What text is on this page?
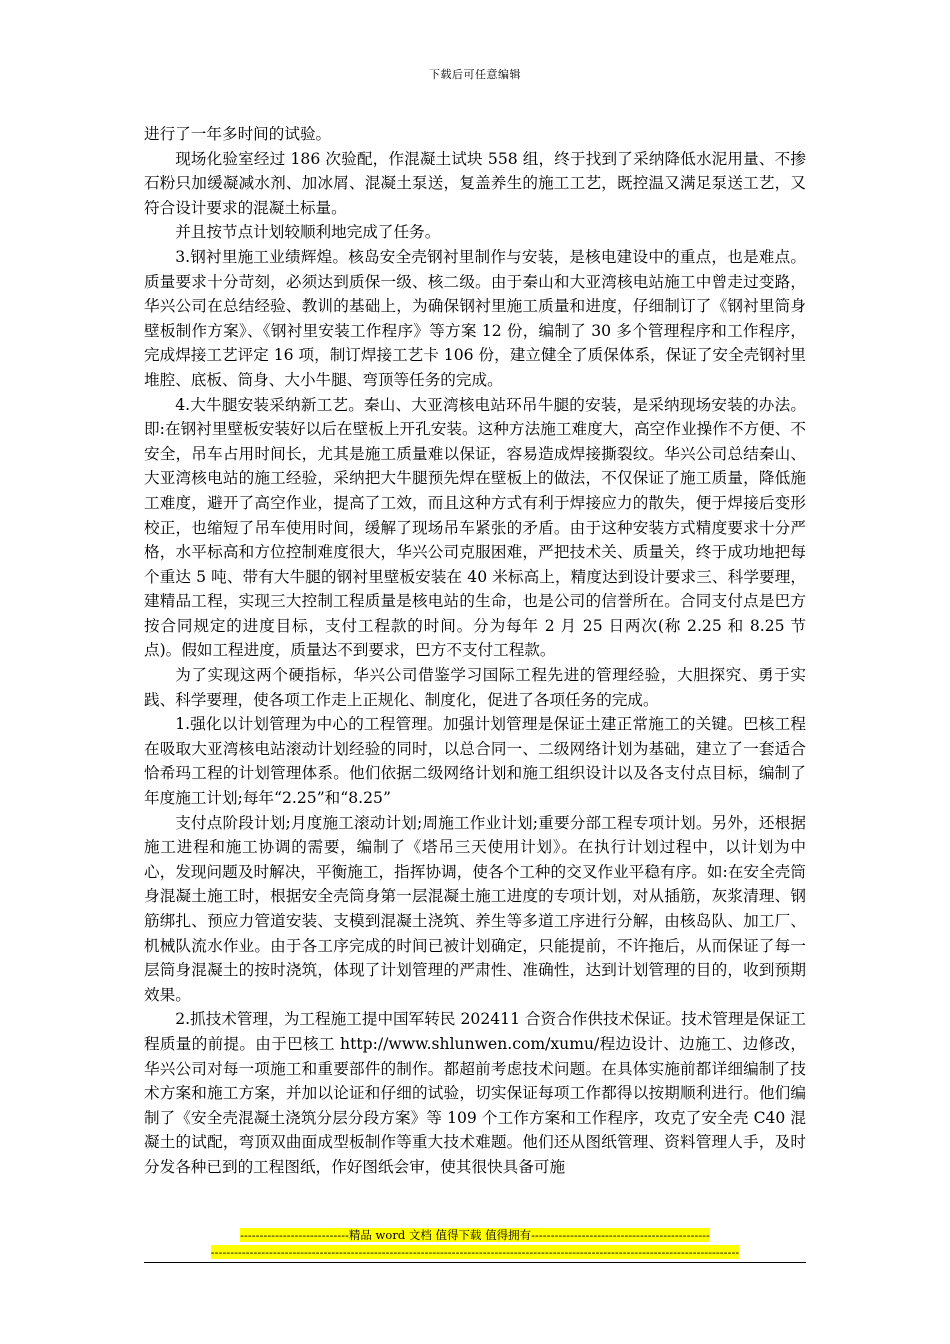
下载后可任意编辑

进行了一年多时间的试验。

现场化验室经过 186 次验配，作混凝土试块 558 组，终于找到了采纳降低水泥用量、不掺石粉只加缓凝减水剂、加冰屑、混凝土泵送，复盖养生的施工工艺，既控温又满足泵送工艺，又符合设计要求的混凝土标量。

并且按节点计划较顺利地完成了任务。

3.钢衬里施工业绩辉煌。核岛安全壳钢衬里制作与安装，是核电建设中的重点，也是难点。质量要求十分苛刻，必须达到质保一级、核二级。由于秦山和大亚湾核电站施工中曾走过变路，华兴公司在总结经验、教训的基础上，为确保钢衬里施工质量和进度，仔细制订了《钢衬里筒身壁板制作方案》、《钢衬里安装工作程序》等方案 12 份，编制了 30 多个管理程序和工作程序，完成焊接工艺评定 16 项，制订焊接工艺卡 106 份，建立健全了质保体系，保证了安全壳钢衬里堆腔、底板、筒身、大小牛腿、弯顶等任务的完成。

4.大牛腿安装采纳新工艺。秦山、大亚湾核电站环吊牛腿的安装，是采纳现场安装的办法。即:在钢衬里壁板安装好以后在壁板上开孔安装。这种方法施工难度大，高空作业操作不方便、不安全，吊车占用时间长，尤其是施工质量难以保证，容易造成焊接撕裂纹。华兴公司总结秦山、大亚湾核电站的施工经验，采纳把大牛腿预先焊在壁板上的做法，不仅保证了施工质量，降低施工难度，避开了高空作业，提高了工效，而且这种方式有利于焊接应力的散失，便于焊接后变形校正，也缩短了吊车使用时间，缓解了现场吊车紧张的矛盾。由于这种安装方式精度要求十分严格，水平标高和方位控制难度很大，华兴公司克服困难，严把技术关、质量关，终于成功地把每个重达 5 吨、带有大牛腿的钢衬里壁板安装在 40 米标高上，精度达到设计要求三、科学要理，建精品工程，实现三大控制工程质量是核电站的生命，也是公司的信誉所在。合同支付点是巴方按合同规定的进度目标，支付工程款的时间。分为每年 2 月 25 日两次(称 2.25 和 8.25 节点)。假如工程进度，质量达不到要求，巴方不支付工程款。

为了实现这两个硬指标，华兴公司借鉴学习国际工程先进的管理经验，大胆探究、勇于实践、科学要理，使各项工作走上正规化、制度化，促进了各项任务的完成。

1.强化以计划管理为中心的工程管理。加强计划管理是保证土建正常施工的关键。巴核工程在吸取大亚湾核电站滚动计划经验的同时，以总合同一、二级网络计划为基础，建立了一套适合恰希玛工程的计划管理体系。他们依据二级网络计划和施工组织设计以及各支付点目标，编制了年度施工计划;每年“2.25”和“8.25”

支付点阶段计划;月度施工滚动计划;周施工作业计划;重要分部工程专项计划。另外，还根据施工进程和施工协调的需要，编制了《塔吊三天使用计划》。在执行计划过程中，以计划为中心，发现问题及时解决，平衡施工，指挥协调，使各个工种的交叉作业平稳有序。如:在安全壳筒身混凝土施工时，根据安全壳筒身第一层混凝土施工进度的专项计划，对从插筋，灰浆清理、钢筋绑扎、预应力管道安装、支模到混凝土浇筑、养生等多道工序进行分解，由核岛队、加工厂、机械队流水作业。由于各工序完成的时间已被计划确定，只能提前，不许拖后，从而保证了每一层筒身混凝土的按时浇筑，体现了计划管理的严肃性、准确性，达到计划管理的目的，收到预期效果。

2.抓技术管理，为工程施工提中国军转民 202411 合资合作供技术保证。技术管理是保证工程质量的前提。由于巴核工 http://www.shlunwen.com/xumu/程边设计、边施工、边修改，华兴公司对每一项施工和重要部件的制作。都超前考虑技术问题。在具体实施前都详细编制了技术方案和施工方案，并加以论证和仔细的试验，切实保证每项工作都得以按期顺利进行。他们编制了《安全壳混凝土浇筑分层分段方案》等 109 个工作方案和工作程序，攻克了安全壳 C40 混凝土的试配，弯顶双曲面成型板制作等重大技术难题。他们还从图纸管理、资料管理人手，及时分发各种已到的工程图纸，作好图纸会审，使其很快具备可施

----------------------------精品 word 文档 值得下载 值得拥有----------------------------------------------
----------------------------------------------------------------------------------------------------------------------------------------
